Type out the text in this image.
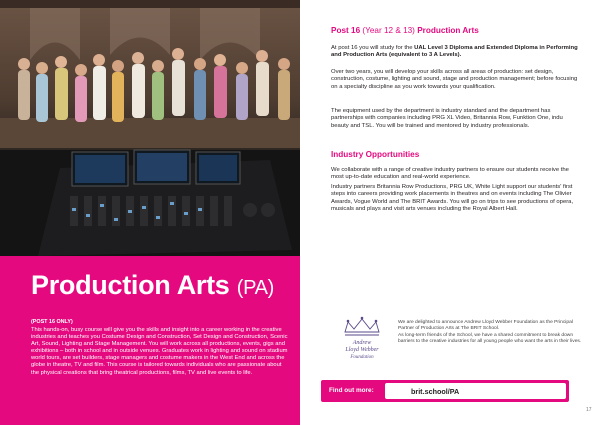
Production Arts (PA)
(POST 16 ONLY)
This hands-on, busy course will give you the skills and insight into a career working in the creative industries and teaches you Costume Design and Construction, Set Design and Construction, Scenic Art, Sound, Lighting and Stage Management. You will work across all productions, events, gigs and exhibitions – both in school and in outside venues. Graduates work in lighting and sound on stadium world tours, are set builders, stage managers and costume makers in the West End and across the globe in theatre, TV and film. This course is tailored towards individuals who are passionate about the physical creations that bring theatrical productions, films, TV and live events to life.
Post 16 (Year 12 & 13) Production Arts
At post 16 you will study for the UAL Level 3 Diploma and Extended Diploma in Performing and Production Arts (equivalent to 3 A Levels).
Over two years, you will develop your skills across all areas of production: set design, construction, costume, lighting and sound, stage and production management; before focusing on a specialty discipline as you work towards your qualification.
The equipment used by the department is industry standard and the department has partnerships with companies including PRG XL Video, Britannia Row, Funktion One, indu beauty and TSL. You will be trained and mentored by industry professionals.
Industry Opportunities
We collaborate with a range of creative industry partners to ensure our students receive the most up-to-date education and real-world experience.
Industry partners Britannia Row Productions, PRG UK, White Light support our students' first steps into careers providing work placements in theatres and on events including The Olivier Awards, Vogue World and The BRIT Awards. You will go on trips to see productions of opera, musicals and plays and visit arts venues including the Royal Albert Hall.
Andrew
Lloyd Webber
Foundation
We are delighted to announce Andrew Lloyd Webber Foundation as the Principal Partner of Production Arts at The BRIT School.
As long-term friends of the School, we have a shared commitment to break down barriers to the creative industries for all young people who want the arts in their lives.
Find out more:	brit.school/PA
17
